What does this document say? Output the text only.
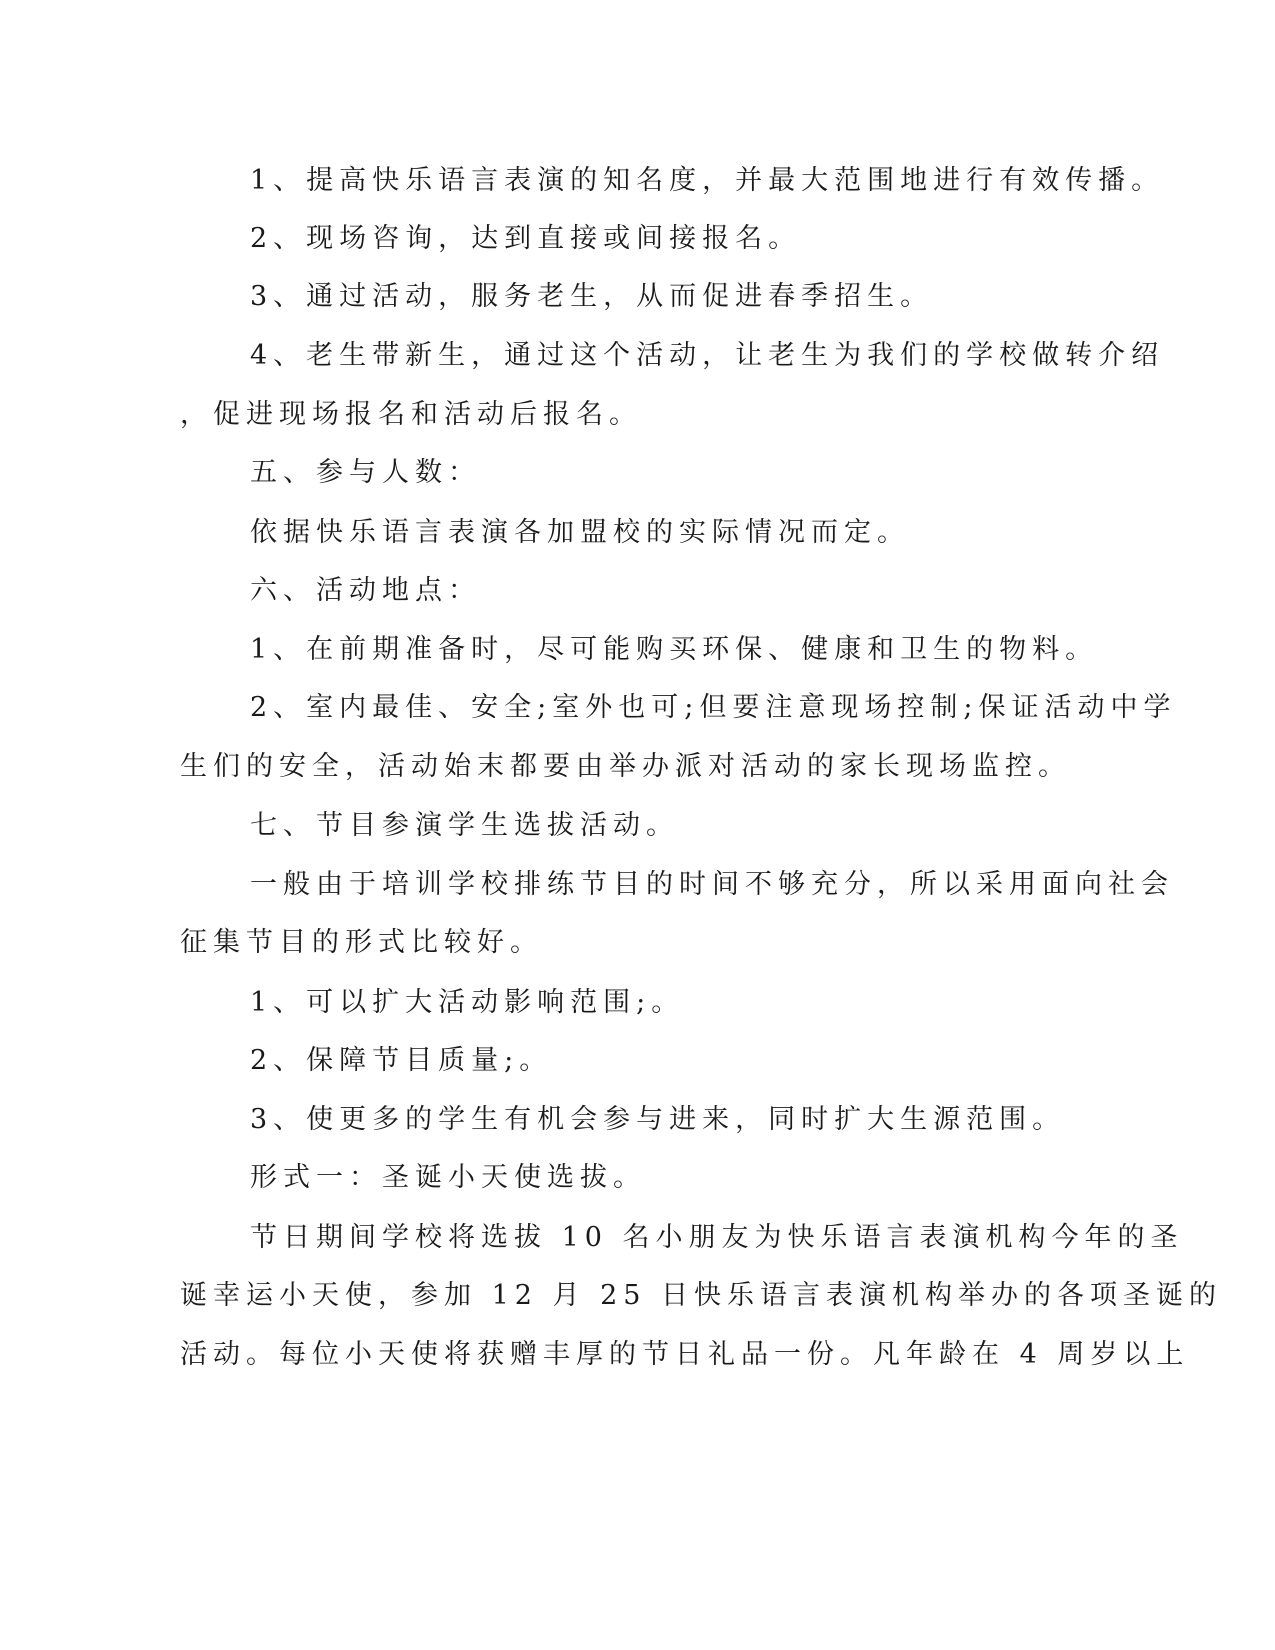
1、提高快乐语言表演的知名度，并最大范围地进行有效传播。
2、现场咨询，达到直接或间接报名。
3、通过活动，服务老生，从而促进春季招生。
4、老生带新生，通过这个活动，让老生为我们的学校做转介绍
，促进现场报名和活动后报名。
五、参与人数：
依据快乐语言表演各加盟校的实际情况而定。
六、活动地点：
1、在前期准备时，尽可能购买环保、健康和卫生的物料。
2、室内最佳、安全;室外也可;但要注意现场控制;保证活动中学
生们的安全，活动始末都要由举办派对活动的家长现场监控。
七、节目参演学生选拔活动。
一般由于培训学校排练节目的时间不够充分，所以采用面向社会
征集节目的形式比较好。
1、可以扩大活动影响范围;。
2、保障节目质量;。
3、使更多的学生有机会参与进来，同时扩大生源范围。
形式一：圣诞小天使选拔。
节日期间学校将选拔 10 名小朋友为快乐语言表演机构今年的圣
诞幸运小天使，参加 12 月 25 日快乐语言表演机构举办的各项圣诞的
活动。每位小天使将获赠丰厚的节日礼品一份。凡年龄在 4 周岁以上
